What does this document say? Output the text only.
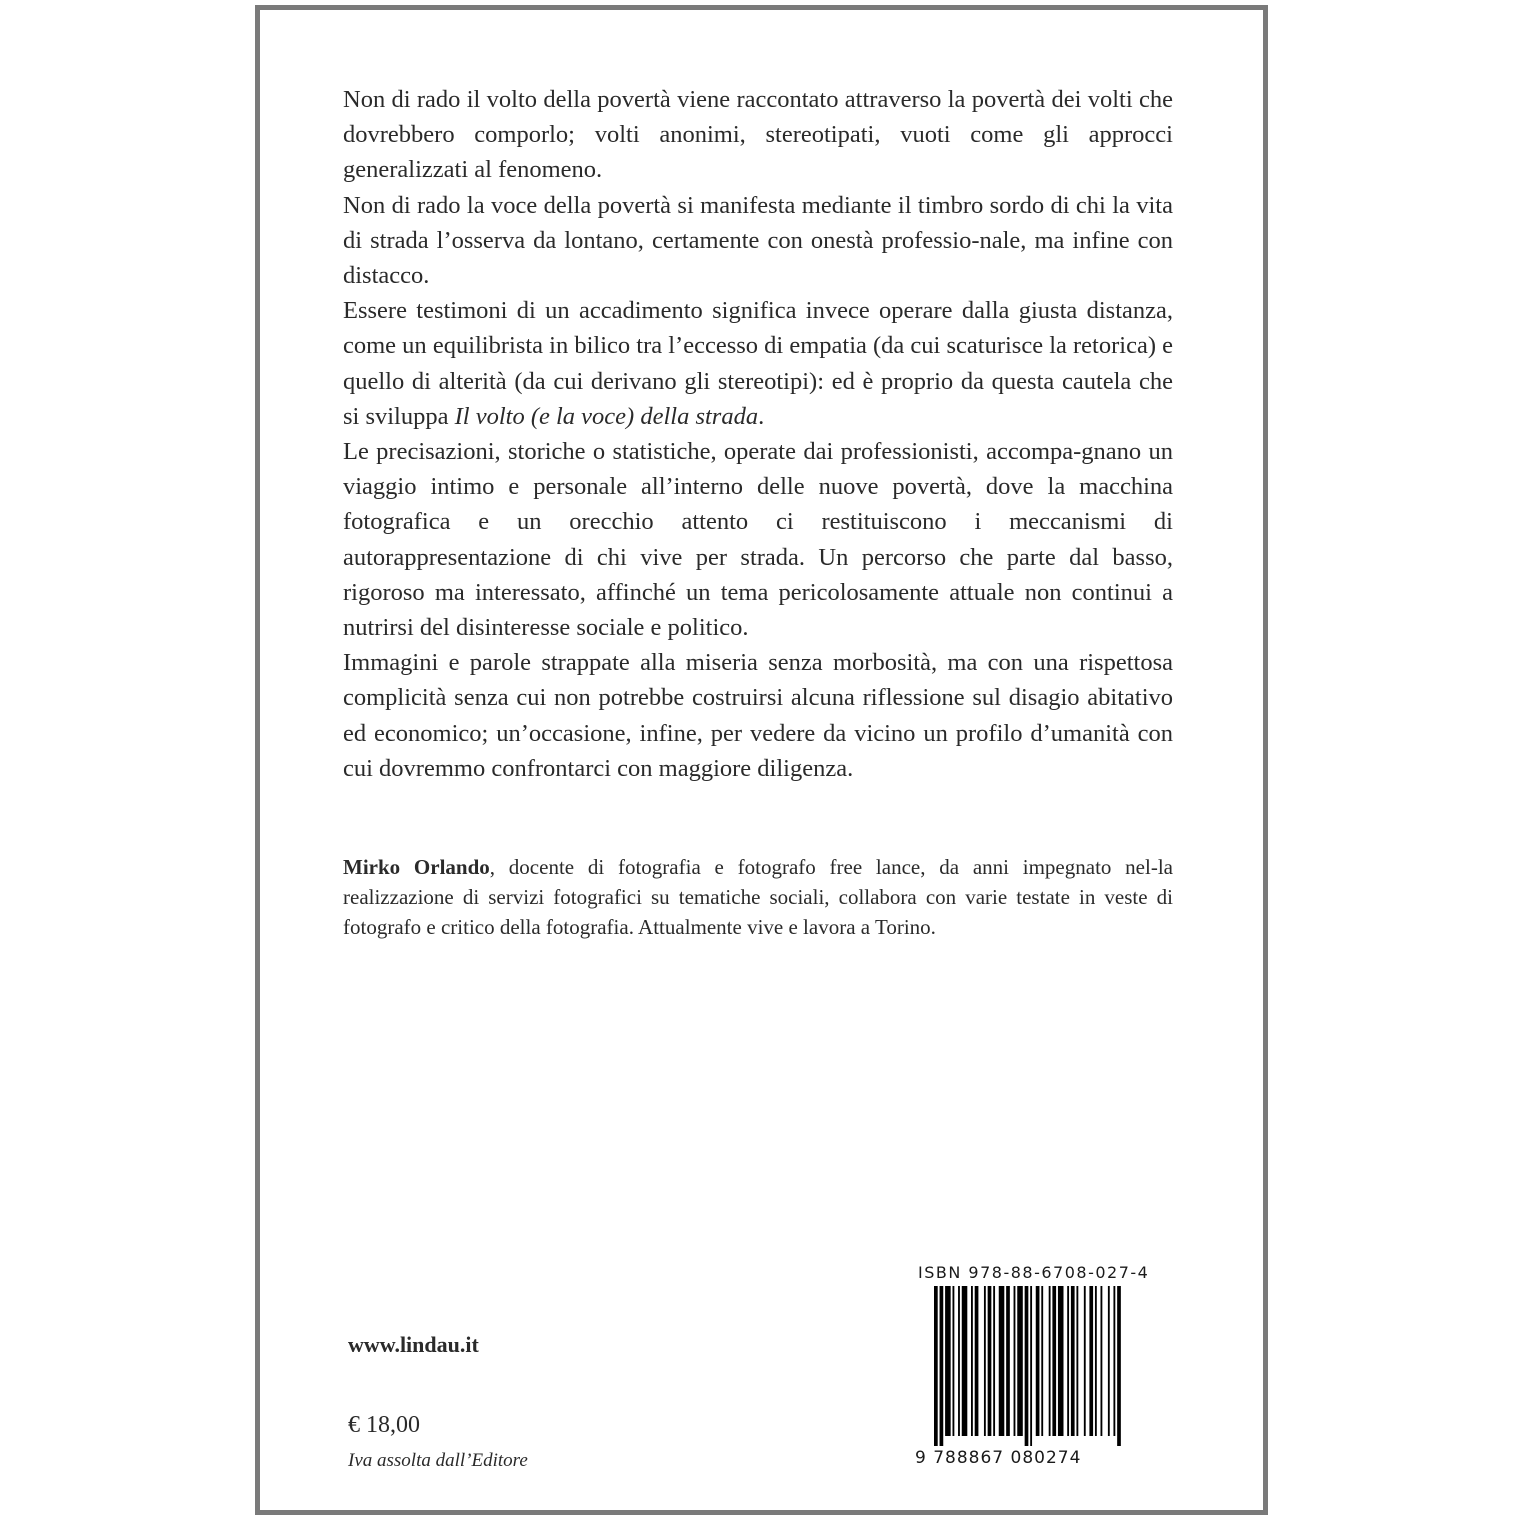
Non di rado il volto della povertà viene raccontato attraverso la povertà dei volti che dovrebbero comporlo; volti anonimi, stereotipati, vuoti come gli approcci generalizzati al fenomeno.

Non di rado la voce della povertà si manifesta mediante il timbro sordo di chi la vita di strada l’osserva da lontano, certamente con onestà professio-nale, ma infine con distacco.

Essere testimoni di un accadimento significa invece operare dalla giusta distanza, come un equilibrista in bilico tra l’eccesso di empatia (da cui scaturisce la retorica) e quello di alterità (da cui derivano gli stereotipi): ed è proprio da questa cautela che si sviluppa Il volto (e la voce) della strada.

Le precisazioni, storiche o statistiche, operate dai professionisti, accompa-gnano un viaggio intimo e personale all’interno delle nuove povertà, dove la macchina fotografica e un orecchio attento ci restituiscono i meccanismi di autorappresentazione di chi vive per strada. Un percorso che parte dal basso, rigoroso ma interessato, affinché un tema pericolosamente attuale non continui a nutrirsi del disinteresse sociale e politico.

Immagini e parole strappate alla miseria senza morbosità, ma con una rispettosa complicità senza cui non potrebbe costruirsi alcuna riflessione sul disagio abitativo ed economico; un’occasione, infine, per vedere da vicino un profilo d’umanità con cui dovremmo confrontarci con maggiore diligenza.

Mirko Orlando, docente di fotografia e fotografo free lance, da anni impegnato nel-la realizzazione di servizi fotografici su tematiche sociali, collabora con varie testate in veste di fotografo e critico della fotografia. Attualmente vive e lavora a Torino.

www.lindau.it
€ 18,00
Iva assolta dall’Editore
ISBN 978-88-6708-027-4
9 788867 080274
